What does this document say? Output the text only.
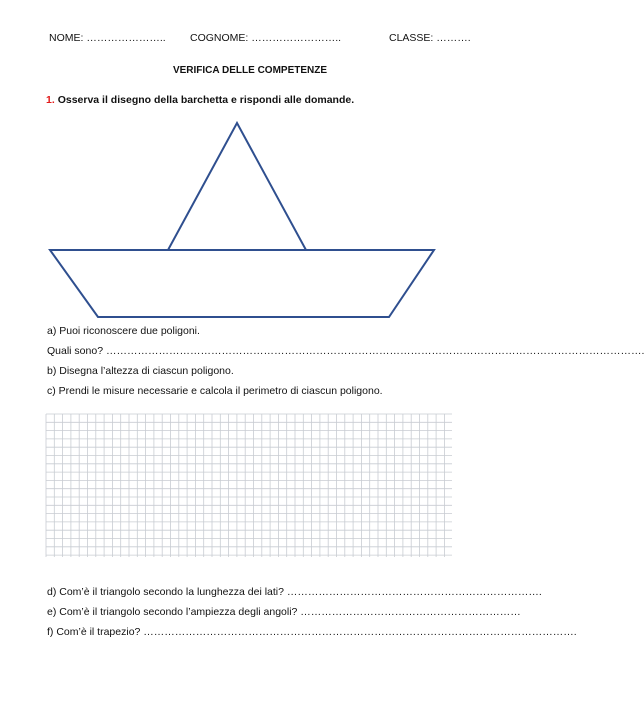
NOME: ………………….. COGNOME: ……………………..	CLASSE: ……….
VERIFICA DELLE COMPETENZE
1. Osserva il disegno della barchetta e rispondi alle domande.
a) Puoi riconoscere due poligoni.
Quali sono? ……………………………………………………………………………………………………………………………………….
b) Disegna l’altezza di ciascun poligono.
c) Prendi le misure necessarie e calcola il perimetro di ciascun poligono.
d) Com’è il triangolo secondo la lunghezza dei lati? ……………………………………………………………….
e) Com’è il triangolo secondo l’ampiezza degli angoli? ………………………………………………………
f) Com’è il trapezio? …………………………………………………………………………………………………………….
